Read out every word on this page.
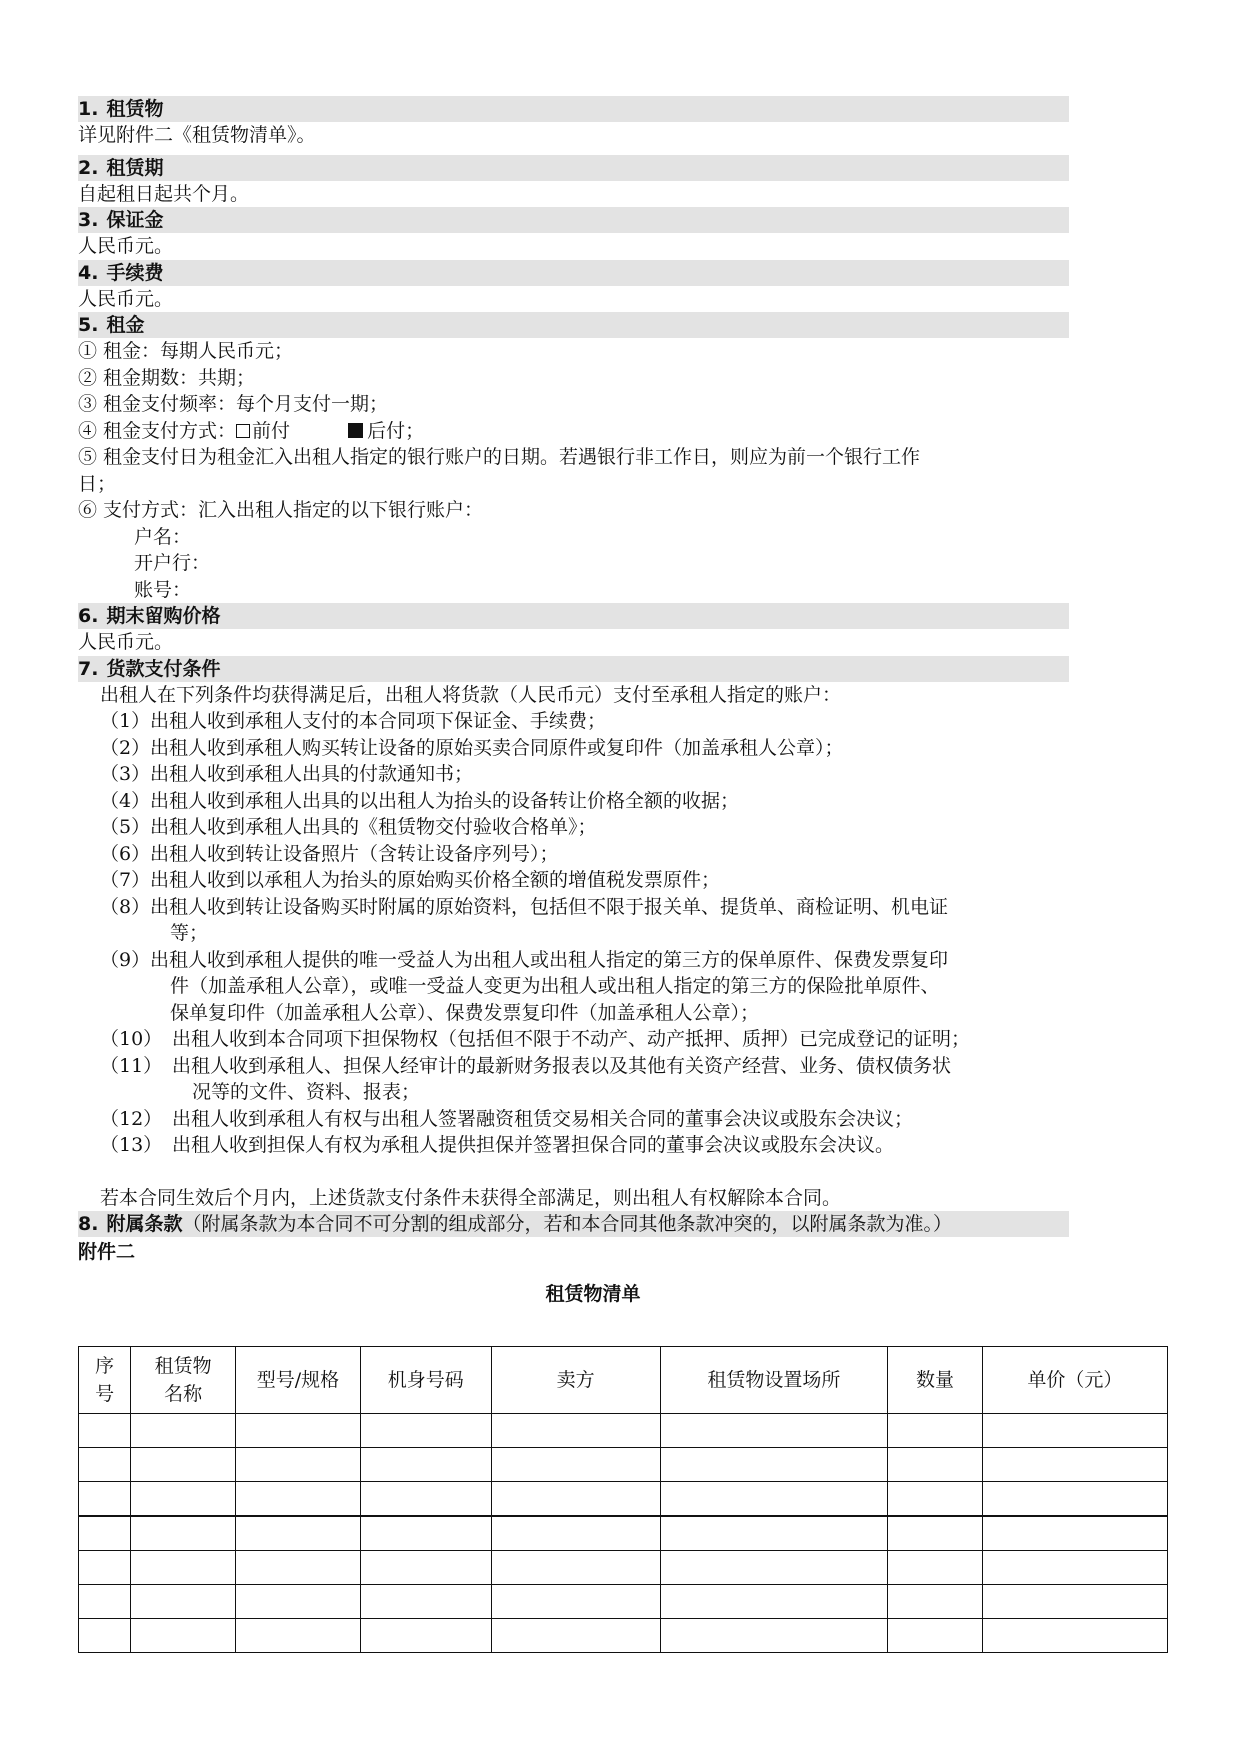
1. 租赁物
详见附件二《租赁物清单》。
2. 租赁期
自起租日起共个月。
3. 保证金
人民币元。
4. 手续费
人民币元。
5. 租金
① 租金：每期人民币元；
② 租金期数：共期；
③ 租金支付频率：每个月支付一期；
④ 租金支付方式： 前付	后付；
⑤ 租金支付日为租金汇入出租人指定的银行账户的日期。若遇银行非工作日，则应为前一个银行工作
日；
⑥ 支付方式：汇入出租人指定的以下银行账户：
户名：
开户行：
账号：
6. 期末留购价格
人民币元。
7. 货款支付条件
出租人在下列条件均获得满足后，出租人将货款（人民币元）支付至承租人指定的账户：
（1） 出租人收到承租人支付的本合同项下保证金、手续费；
（2） 出租人收到承租人购买转让设备的原始买卖合同原件或复印件（加盖承租人公章）；
（3） 出租人收到承租人出具的付款通知书；
（4） 出租人收到承租人出具的以出租人为抬头的设备转让价格全额的收据；
（5） 出租人收到承租人出具的《租赁物交付验收合格单》；
（6） 出租人收到转让设备照片（含转让设备序列号）；
（7） 出租人收到以承租人为抬头的原始购买价格全额的增值税发票原件；
（8） 出租人收到转让设备购买时附属的原始资料，包括但不限于报关单、提货单、商检证明、机电证
等；
（9） 出租人收到承租人提供的唯一受益人为出租人或出租人指定的第三方的保单原件、保费发票复印
件（加盖承租人公章），或唯一受益人变更为出租人或出租人指定的第三方的保险批单原件、
保单复印件（加盖承租人公章）、保费发票复印件（加盖承租人公章）；
（10） 出租人收到本合同项下担保物权（包括但不限于不动产、动产抵押、质押）已完成登记的证明；
（11） 出租人收到承租人、担保人经审计的最新财务报表以及其他有关资产经营、业务、债权债务状
况等的文件、资料、报表；
（12） 出租人收到承租人有权与出租人签署融资租赁交易相关合同的董事会决议或股东会决议；
（13） 出租人收到担保人有权为承租人提供担保并签署担保合同的董事会决议或股东会决议。
若本合同生效后个月内，上述货款支付条件未获得全部满足，则出租人有权解除本合同。
8. 附属条款（附属条款为本合同不可分割的组成部分，若和本合同其他条款冲突的，以附属条款为准。）
附件二
租赁物清单
序号	租赁物名称	型号/规格	机身号码	卖方	租赁物设置场所	数量	单价（元）
